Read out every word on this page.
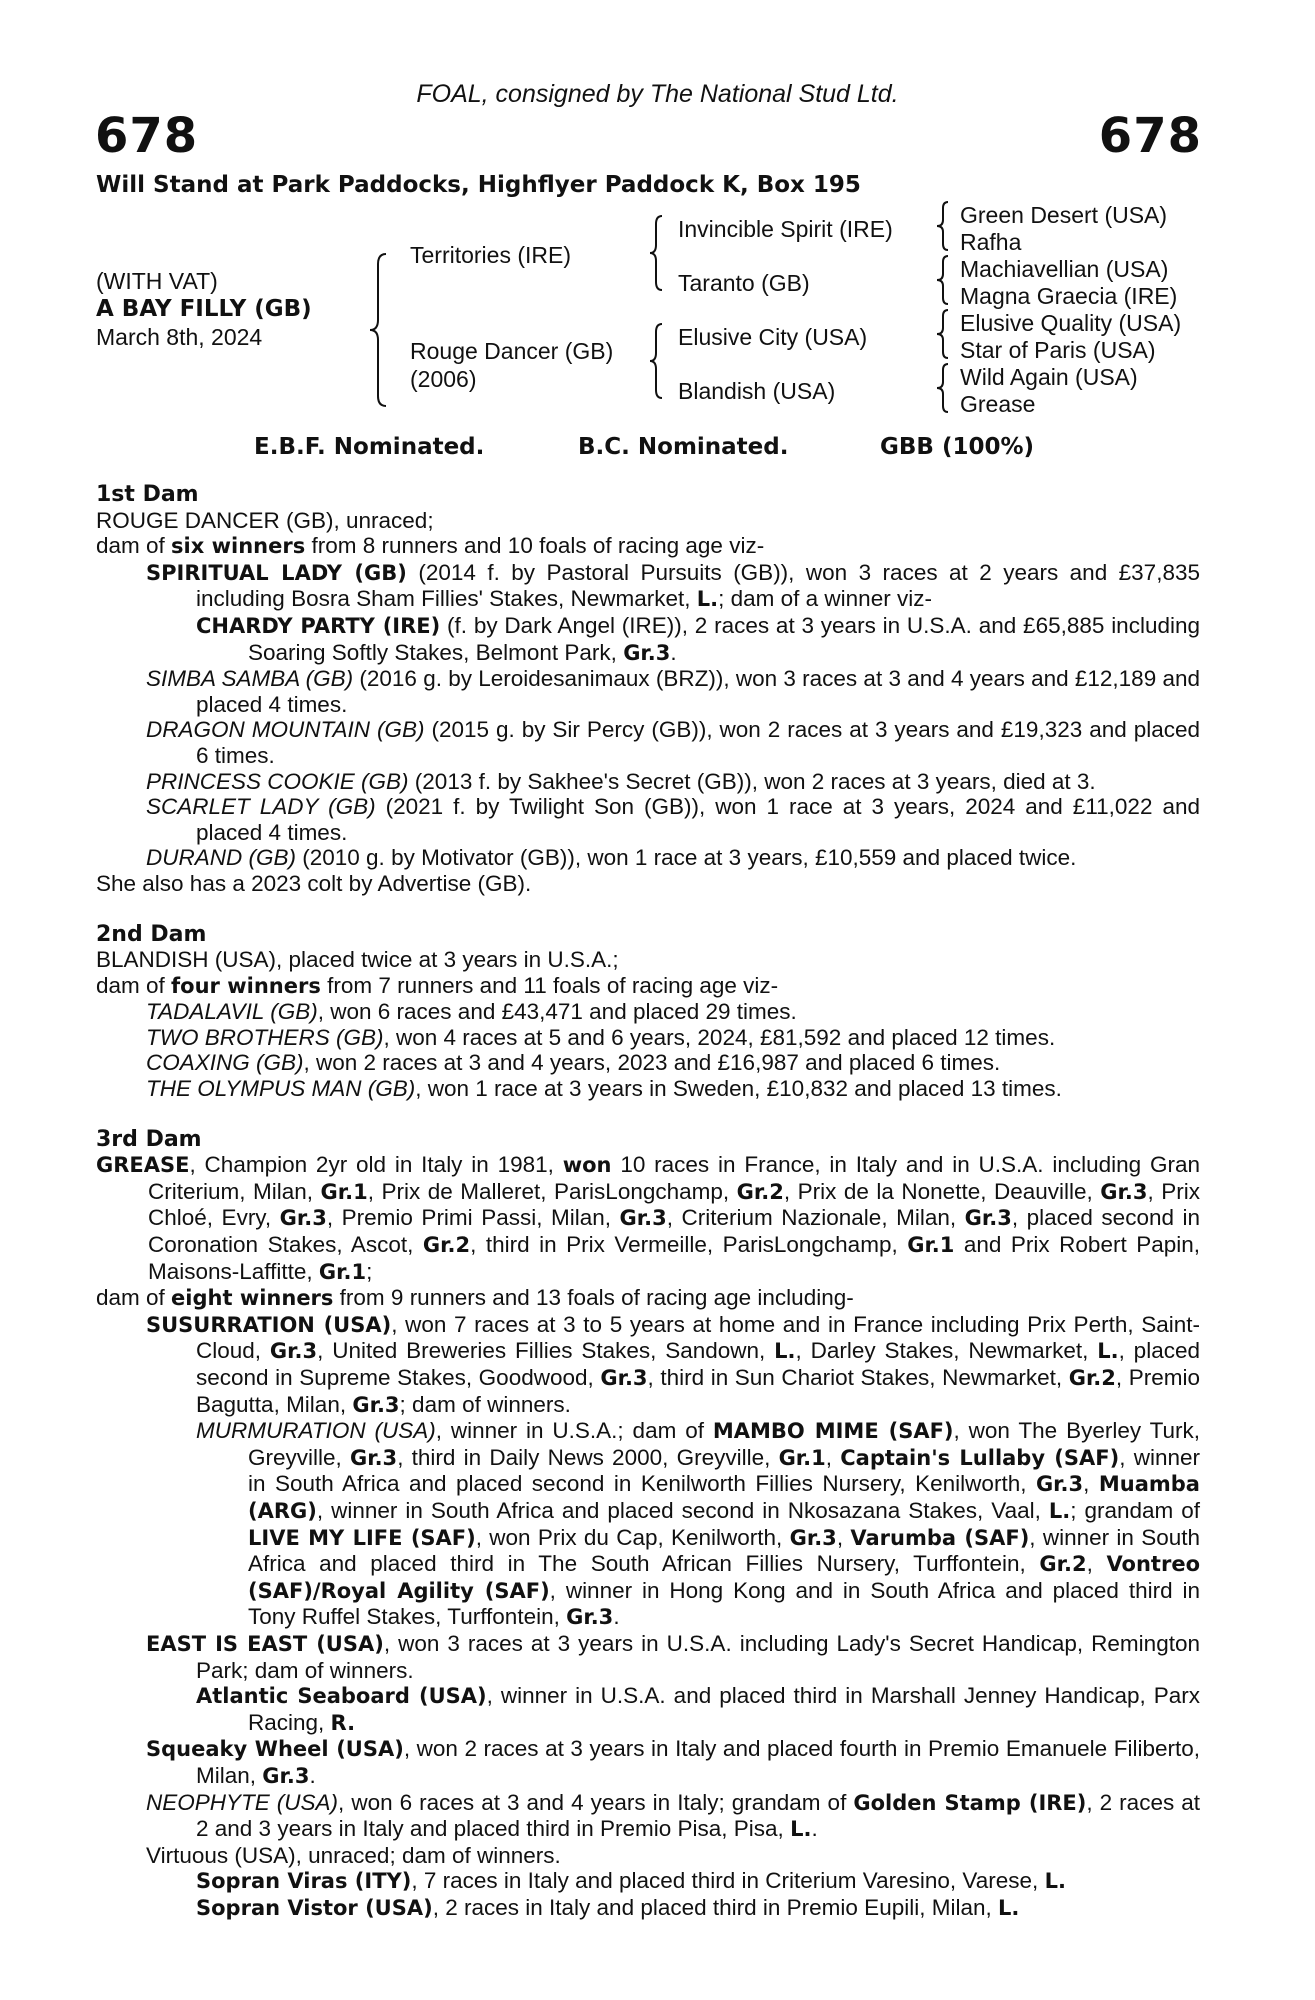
FOAL, consigned by The National Stud Ltd.
678	678
Will Stand at Park Paddocks, Highflyer Paddock K, Box 195
(WITH VAT)
A BAY FILLY (GB)
March 8th, 2024
Territories (IRE)
Rouge Dancer (GB)
(2006)
Invincible Spirit (IRE)
Taranto (GB)
Elusive City (USA)
Blandish (USA)
Green Desert (USA)
Rafha
Machiavellian (USA)
Magna Graecia (IRE)
Elusive Quality (USA)
Star of Paris (USA)
Wild Again (USA)
Grease
E.B.F. Nominated.	B.C. Nominated.	GBB (100%)
1st Dam

ROUGE DANCER (GB), unraced;

dam of six winners from 8 runners and 10 foals of racing age viz-

SPIRITUAL LADY (GB) (2014 f. by Pastoral Pursuits (GB)), won 3 races at 2 years and £37,835 including Bosra Sham Fillies' Stakes, Newmarket, L.; dam of a winner viz-

CHARDY PARTY (IRE) (f. by Dark Angel (IRE)), 2 races at 3 years in U.S.A. and £65,885 including Soaring Softly Stakes, Belmont Park, Gr.3.

SIMBA SAMBA (GB) (2016 g. by Leroidesanimaux (BRZ)), won 3 races at 3 and 4 years and £12,189 and placed 4 times.

DRAGON MOUNTAIN (GB) (2015 g. by Sir Percy (GB)), won 2 races at 3 years and £19,323 and placed 6 times.

PRINCESS COOKIE (GB) (2013 f. by Sakhee's Secret (GB)), won 2 races at 3 years, died at 3.

SCARLET LADY (GB) (2021 f. by Twilight Son (GB)), won 1 race at 3 years, 2024 and £11,022 and placed 4 times.

DURAND (GB) (2010 g. by Motivator (GB)), won 1 race at 3 years, £10,559 and placed twice.

She also has a 2023 colt by Advertise (GB).

2nd Dam

BLANDISH (USA), placed twice at 3 years in U.S.A.;

dam of four winners from 7 runners and 11 foals of racing age viz-

TADALAVIL (GB), won 6 races and £43,471 and placed 29 times.

TWO BROTHERS (GB), won 4 races at 5 and 6 years, 2024, £81,592 and placed 12 times.

COAXING (GB), won 2 races at 3 and 4 years, 2023 and £16,987 and placed 6 times.

THE OLYMPUS MAN (GB), won 1 race at 3 years in Sweden, £10,832 and placed 13 times.

3rd Dam

GREASE, Champion 2yr old in Italy in 1981, won 10 races in France, in Italy and in U.S.A. including Gran Criterium, Milan, Gr.1, Prix de Malleret, ParisLongchamp, Gr.2, Prix de la Nonette, Deauville, Gr.3, Prix Chloé, Evry, Gr.3, Premio Primi Passi, Milan, Gr.3, Criterium Nazionale, Milan, Gr.3, placed second in Coronation Stakes, Ascot, Gr.2, third in Prix Vermeille, ParisLongchamp, Gr.1 and Prix Robert Papin, Maisons-Laffitte, Gr.1;

dam of eight winners from 9 runners and 13 foals of racing age including-

SUSURRATION (USA), won 7 races at 3 to 5 years at home and in France including Prix Perth, Saint-Cloud, Gr.3, United Breweries Fillies Stakes, Sandown, L., Darley Stakes, Newmarket, L., placed second in Supreme Stakes, Goodwood, Gr.3, third in Sun Chariot Stakes, Newmarket, Gr.2, Premio Bagutta, Milan, Gr.3; dam of winners.

MURMURATION (USA), winner in U.S.A.; dam of MAMBO MIME (SAF), won The Byerley Turk, Greyville, Gr.3, third in Daily News 2000, Greyville, Gr.1, Captain's Lullaby (SAF), winner in South Africa and placed second in Kenilworth Fillies Nursery, Kenilworth, Gr.3, Muamba (ARG), winner in South Africa and placed second in Nkosazana Stakes, Vaal, L.; grandam of LIVE MY LIFE (SAF), won Prix du Cap, Kenilworth, Gr.3, Varumba (SAF), winner in South Africa and placed third in The South African Fillies Nursery, Turffontein, Gr.2, Vontreo (SAF)/Royal Agility (SAF), winner in Hong Kong and in South Africa and placed third in Tony Ruffel Stakes, Turffontein, Gr.3.

EAST IS EAST (USA), won 3 races at 3 years in U.S.A. including Lady's Secret Handicap, Remington Park; dam of winners.

Atlantic Seaboard (USA), winner in U.S.A. and placed third in Marshall Jenney Handicap, Parx Racing, R.

Squeaky Wheel (USA), won 2 races at 3 years in Italy and placed fourth in Premio Emanuele Filiberto, Milan, Gr.3.

NEOPHYTE (USA), won 6 races at 3 and 4 years in Italy; grandam of Golden Stamp (IRE), 2 races at 2 and 3 years in Italy and placed third in Premio Pisa, Pisa, L..

Virtuous (USA), unraced; dam of winners.

Sopran Viras (ITY), 7 races in Italy and placed third in Criterium Varesino, Varese, L.

Sopran Vistor (USA), 2 races in Italy and placed third in Premio Eupili, Milan, L.
